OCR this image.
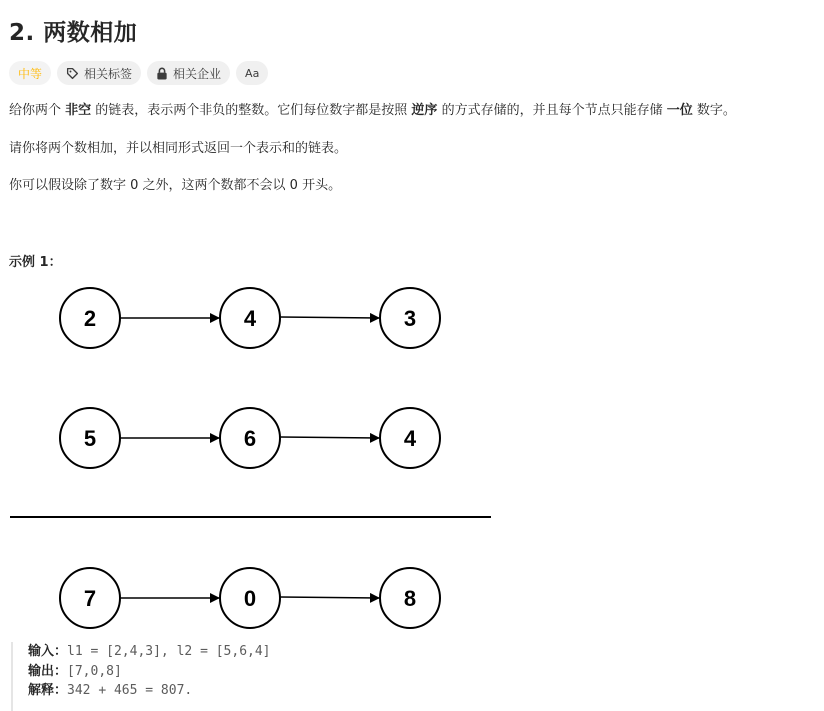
2. 两数相加
中等	相关标签	相关企业 Aa

给你两个 非空 的链表，表示两个非负的整数。它们每位数字都是按照 逆序 的方式存储的，并且每个节点只能存储 一位 数字。

请你将两个数相加，并以相同形式返回一个表示和的链表。

你可以假设除了数字 0 之外，这两个数都不会以 0 开头。

示例 1：

2	4	3
5	6	4
7	0	8
输入：l1 = [2,4,3], l2 = [5,6,4]
输出：[7,0,8]
解释：342 + 465 = 807.
